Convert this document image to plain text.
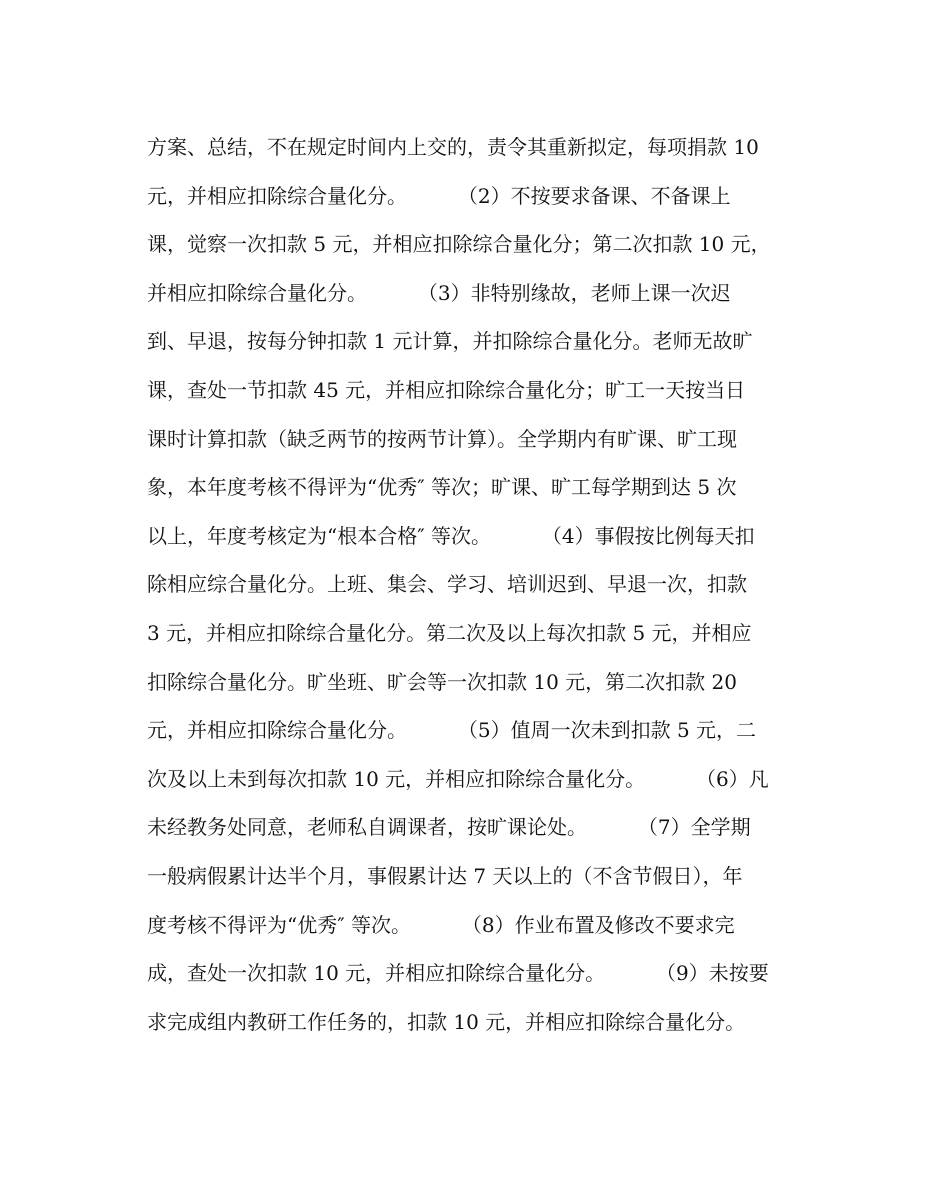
方案、总结，不在规定时间内上交的，责令其重新拟定，每项捐款 10
元，并相应扣除综合量化分。        （2）不按要求备课、不备课上
课，觉察一次扣款 5 元，并相应扣除综合量化分；第二次扣款 10 元，
并相应扣除综合量化分。        （3）非特别缘故，老师上课一次迟
到、早退，按每分钟扣款 1 元计算，并扣除综合量化分。老师无故旷
课，查处一节扣款 45 元，并相应扣除综合量化分；旷工一天按当日
课时计算扣款（缺乏两节的按两节计算）。全学期内有旷课、旷工现
象，本年度考核不得评为“优秀″ 等次；旷课、旷工每学期到达 5 次
以上，年度考核定为“根本合格″ 等次。        （4）事假按比例每天扣
除相应综合量化分。上班、集会、学习、培训迟到、早退一次，扣款
3 元，并相应扣除综合量化分。第二次及以上每次扣款 5 元，并相应
扣除综合量化分。旷坐班、旷会等一次扣款 10 元，第二次扣款 20
元，并相应扣除综合量化分。        （5）值周一次未到扣款 5 元，二
次及以上未到每次扣款 10 元，并相应扣除综合量化分。        （6）凡
未经教务处同意，老师私自调课者，按旷课论处。        （7）全学期
一般病假累计达半个月，事假累计达 7 天以上的（不含节假日），年
度考核不得评为“优秀″ 等次。        （8）作业布置及修改不要求完
成，查处一次扣款 10 元，并相应扣除综合量化分。        （9）未按要
求完成组内教研工作任务的，扣款 10 元，并相应扣除综合量化分。
